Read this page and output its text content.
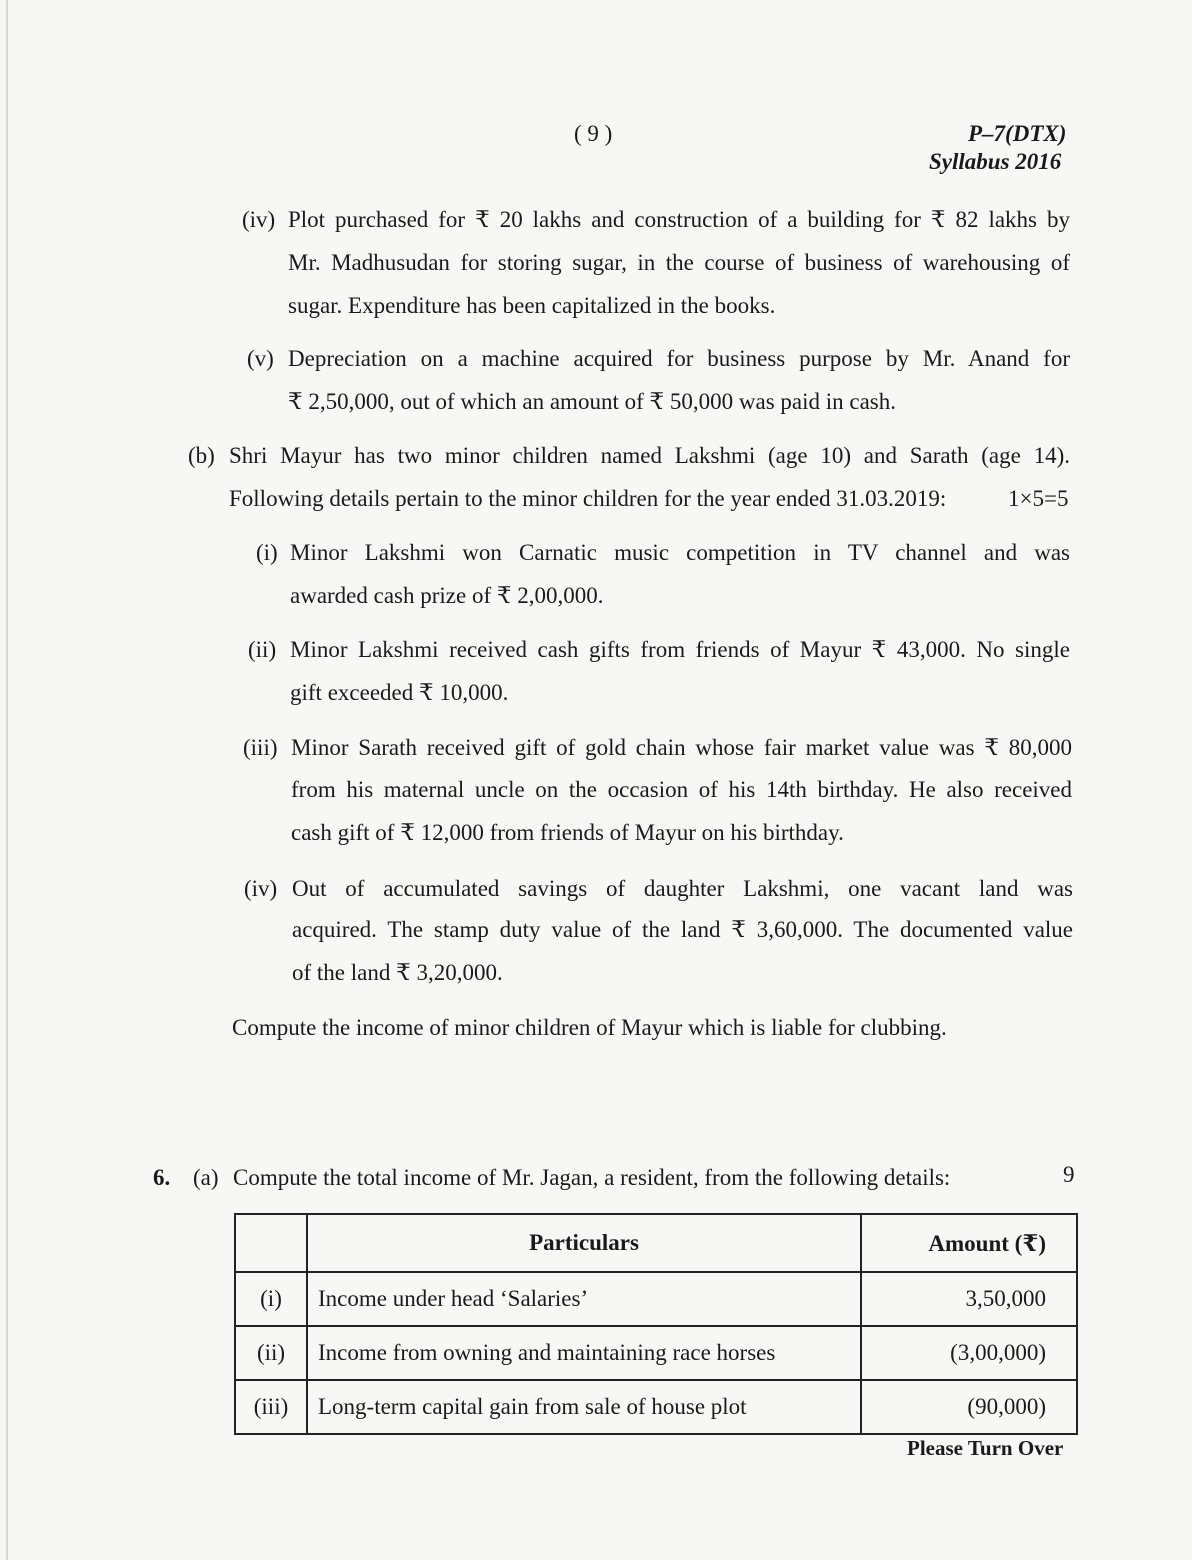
( 9 )	P–7(DTX)
Syllabus 2016
(iv) Plot purchased for ₹ 20 lakhs and construction of a building for ₹ 82 lakhs by
Mr. Madhusudan for storing sugar, in the course of business of warehousing of
sugar. Expenditure has been capitalized in the books.
(v) Depreciation on a machine acquired for business purpose by Mr. Anand for
₹ 2,50,000, out of which an amount of ₹ 50,000 was paid in cash.
(b) Shri Mayur has two minor children named Lakshmi (age 10) and Sarath (age 14).
Following details pertain to the minor children for the year ended 31.03.2019:	1×5=5
(i) Minor Lakshmi won Carnatic music competition in TV channel and was
awarded cash prize of ₹ 2,00,000.
(ii) Minor Lakshmi received cash gifts from friends of Mayur ₹ 43,000. No single
gift exceeded ₹ 10,000.
(iii) Minor Sarath received gift of gold chain whose fair market value was ₹ 80,000
from his maternal uncle on the occasion of his 14th birthday. He also received
cash gift of ₹ 12,000 from friends of Mayur on his birthday.
(iv) Out of accumulated savings of daughter Lakshmi, one vacant land was
acquired. The stamp duty value of the land ₹ 3,60,000. The documented value
of the land ₹ 3,20,000.
Compute the income of minor children of Mayur which is liable for clubbing.
6. (a) Compute the total income of Mr. Jagan, a resident, from the following details:	9
	Particulars	Amount (₹)
(i)	Income under head ‘Salaries’	3,50,000
(ii)	Income from owning and maintaining race horses	(3,00,000)
(iii)	Long-term capital gain from sale of house plot	(90,000)
Please Turn Over
